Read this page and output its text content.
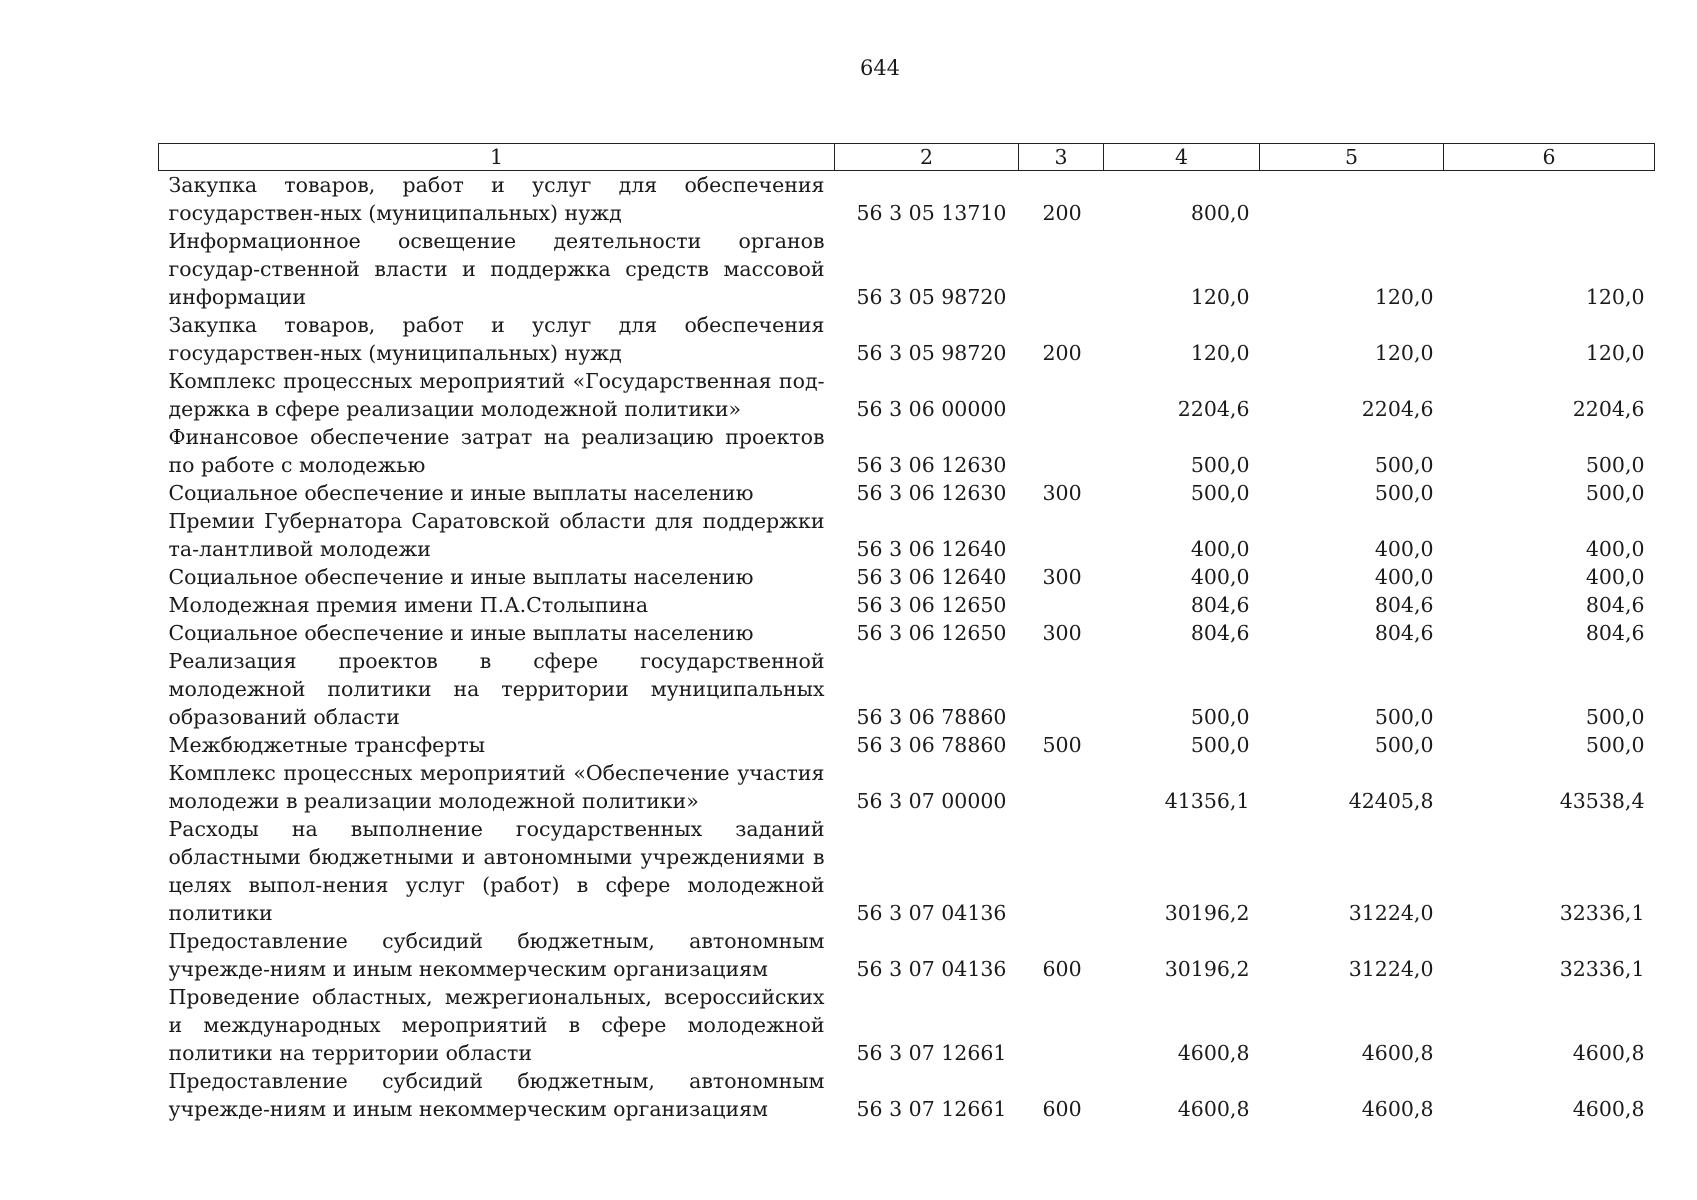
644
1	2	3	4	5	6
Закупка товаров, работ и услуг для обеспечения государствен-ных (муниципальных) нужд	56 3 05 13710	200	800,0		
Информационное освещение деятельности органов государ-ственной власти и поддержка средств массовой информации	56 3 05 98720		120,0	120,0	120,0
Закупка товаров, работ и услуг для обеспечения государствен-ных (муниципальных) нужд	56 3 05 98720	200	120,0	120,0	120,0
Комплекс процессных мероприятий «Государственная под-держка в сфере реализации молодежной политики»	56 3 06 00000		2204,6	2204,6	2204,6
Финансовое обеспечение затрат на реализацию проектов по работе с молодежью	56 3 06 12630		500,0	500,0	500,0
Социальное обеспечение и иные выплаты населению	56 3 06 12630	300	500,0	500,0	500,0
Премии Губернатора Саратовской области для поддержки та-лантливой молодежи	56 3 06 12640		400,0	400,0	400,0
Социальное обеспечение и иные выплаты населению	56 3 06 12640	300	400,0	400,0	400,0
Молодежная премия имени П.А.Столыпина	56 3 06 12650		804,6	804,6	804,6
Социальное обеспечение и иные выплаты населению	56 3 06 12650	300	804,6	804,6	804,6
Реализация проектов в сфере государственной молодежной политики на территории муниципальных образований области	56 3 06 78860		500,0	500,0	500,0
Межбюджетные трансферты	56 3 06 78860	500	500,0	500,0	500,0
Комплекс процессных мероприятий «Обеспечение участия молодежи в реализации молодежной политики»	56 3 07 00000		41356,1	42405,8	43538,4
Расходы на выполнение государственных заданий областными бюджетными и автономными учреждениями в целях выпол-нения услуг (работ) в сфере молодежной политики	56 3 07 04136		30196,2	31224,0	32336,1
Предоставление субсидий бюджетным, автономным учрежде-ниям и иным некоммерческим организациям	56 3 07 04136	600	30196,2	31224,0	32336,1
Проведение областных, межрегиональных, всероссийских и международных мероприятий в сфере молодежной политики на территории области	56 3 07 12661		4600,8	4600,8	4600,8
Предоставление субсидий бюджетным, автономным учрежде-ниям и иным некоммерческим организациям	56 3 07 12661	600	4600,8	4600,8	4600,8
